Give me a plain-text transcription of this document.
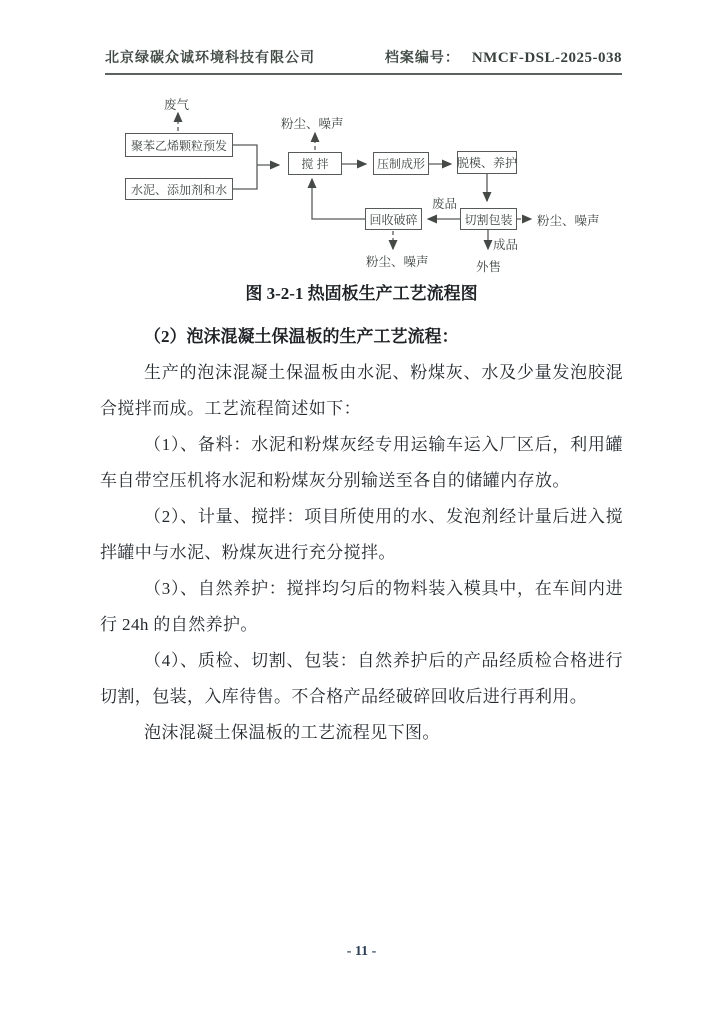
北京绿碳众诚环境科技有限公司	档案编号： NMCF-DSL-2025-038
聚苯乙烯颗粒预发
水泥、添加剂和水
搅 拌	压制成形	脱模、养护
切割包装
回收破碎
废气
粉尘、噪声
废品
粉尘、噪声
粉尘、噪声
成品
外售
图 3-2-1 热固板生产工艺流程图
（2）泡沫混凝土保温板的生产工艺流程：

生产的泡沫混凝土保温板由水泥、粉煤灰、水及少量发泡胶混合搅拌而成。工艺流程简述如下：

（1）、备料：水泥和粉煤灰经专用运输车运入厂区后，利用罐车自带空压机将水泥和粉煤灰分别输送至各自的储罐内存放。

（2）、计量、搅拌：项目所使用的水、发泡剂经计量后进入搅拌罐中与水泥、粉煤灰进行充分搅拌。

（3）、自然养护：搅拌均匀后的物料装入模具中，在车间内进行 24h 的自然养护。

（4）、质检、切割、包装：自然养护后的产品经质检合格进行切割，包装，入库待售。不合格产品经破碎回收后进行再利用。

泡沫混凝土保温板的工艺流程见下图。

- 11 -
